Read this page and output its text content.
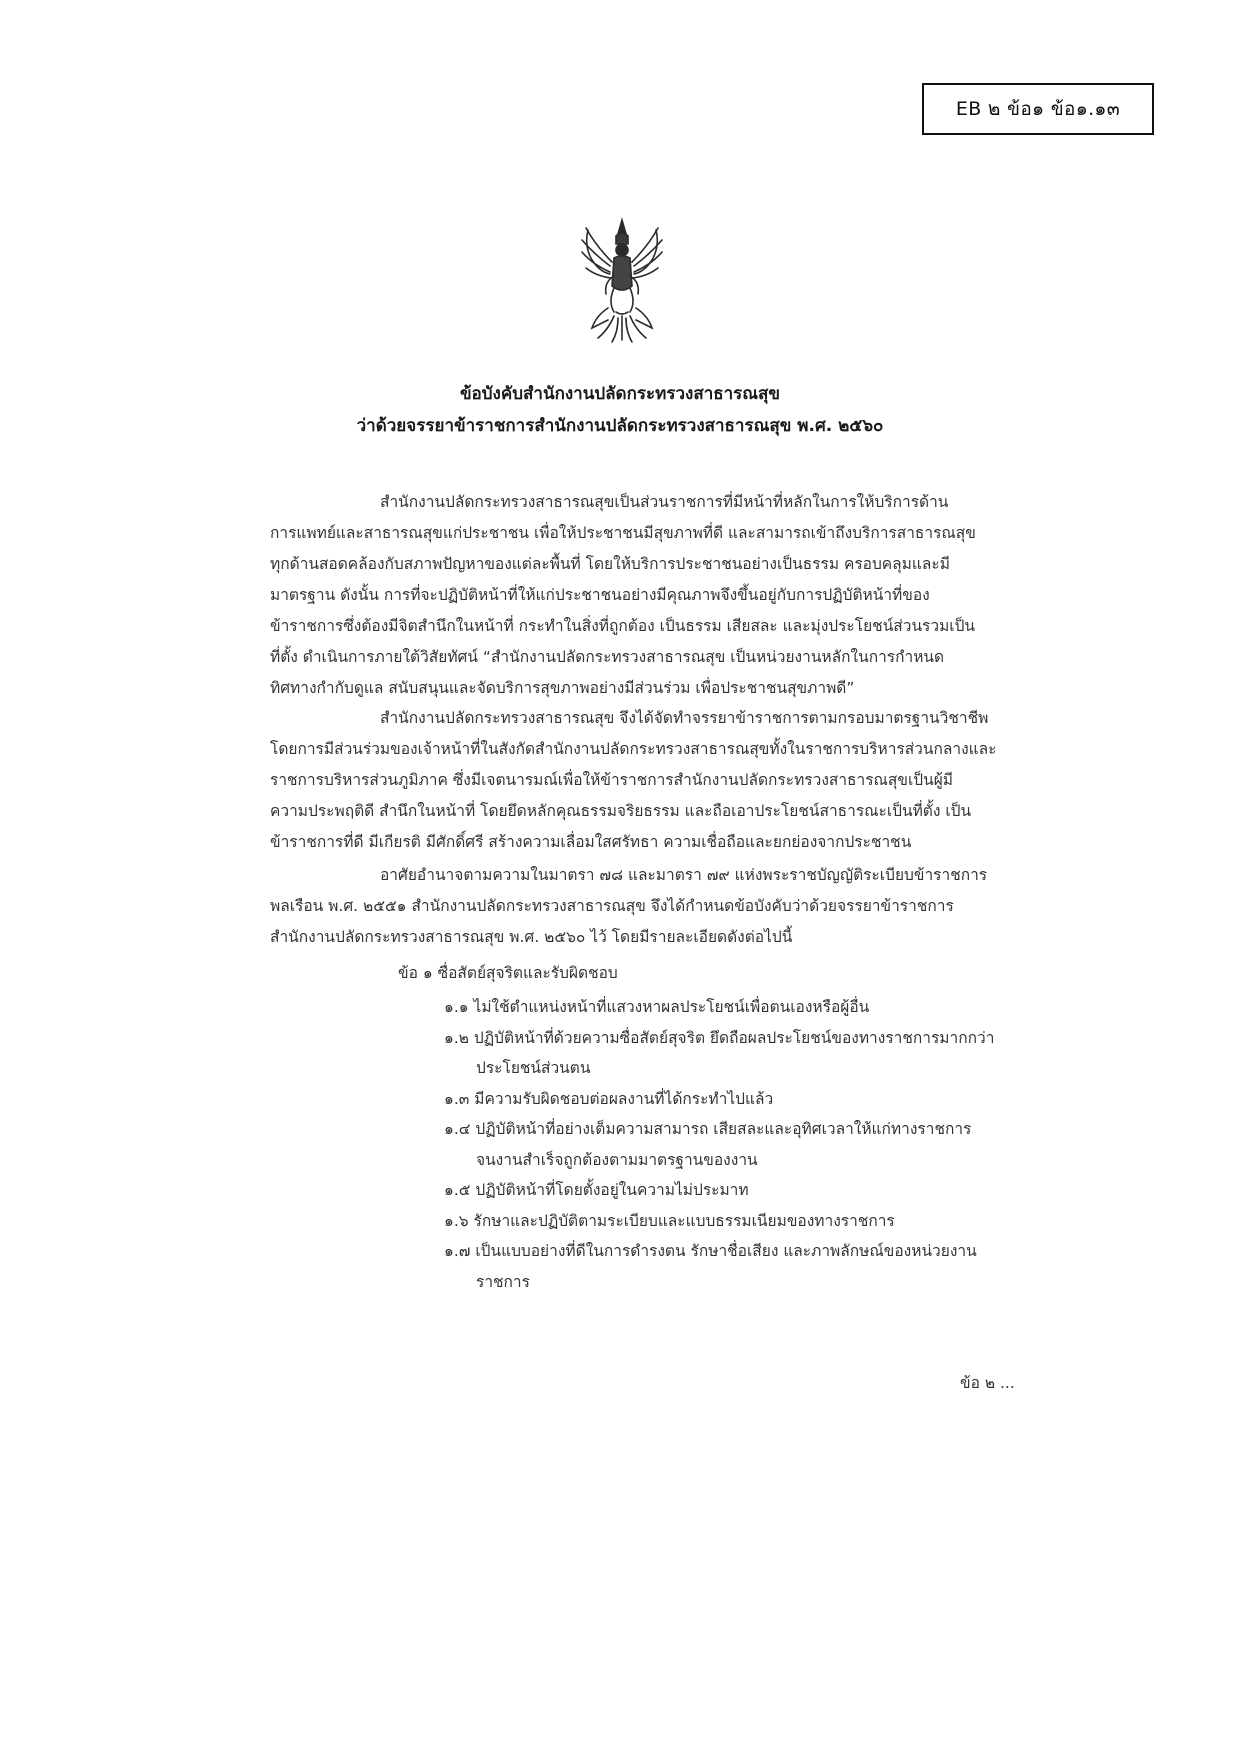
EB ๒ ข้อ๑ ข้อ๑.๑๓
ข้อบังคับสำนักงานปลัดกระทรวงสาธารณสุข
ว่าด้วยจรรยาข้าราชการสำนักงานปลัดกระทรวงสาธารณสุข พ.ศ. ๒๕๖๐
สำนักงานปลัดกระทรวงสาธารณสุขเป็นส่วนราชการที่มีหน้าที่หลักในการให้บริการด้าน
การแพทย์และสาธารณสุขแก่ประชาชน เพื่อให้ประชาชนมีสุขภาพที่ดี และสามารถเข้าถึงบริการสาธารณสุข
ทุกด้านสอดคล้องกับสภาพปัญหาของแต่ละพื้นที่ โดยให้บริการประชาชนอย่างเป็นธรรม ครอบคลุมและมี
มาตรฐาน ดังนั้น การที่จะปฏิบัติหน้าที่ให้แก่ประชาชนอย่างมีคุณภาพจึงขึ้นอยู่กับการปฏิบัติหน้าที่ของ
ข้าราชการซึ่งต้องมีจิตสำนึกในหน้าที่ กระทำในสิ่งที่ถูกต้อง เป็นธรรม เสียสละ และมุ่งประโยชน์ส่วนรวมเป็น
ที่ตั้ง ดำเนินการภายใต้วิสัยทัศน์ “สำนักงานปลัดกระทรวงสาธารณสุข เป็นหน่วยงานหลักในการกำหนด
ทิศทางกำกับดูแล สนับสนุนและจัดบริการสุขภาพอย่างมีส่วนร่วม เพื่อประชาชนสุขภาพดี”
สำนักงานปลัดกระทรวงสาธารณสุข จึงได้จัดทำจรรยาข้าราชการตามกรอบมาตรฐานวิชาชีพ
โดยการมีส่วนร่วมของเจ้าหน้าที่ในสังกัดสำนักงานปลัดกระทรวงสาธารณสุขทั้งในราชการบริหารส่วนกลางและ
ราชการบริหารส่วนภูมิภาค ซึ่งมีเจตนารมณ์เพื่อให้ข้าราชการสำนักงานปลัดกระทรวงสาธารณสุขเป็นผู้มี
ความประพฤติดี สำนึกในหน้าที่ โดยยึดหลักคุณธรรมจริยธรรม และถือเอาประโยชน์สาธารณะเป็นที่ตั้ง เป็น
ข้าราชการที่ดี มีเกียรติ มีศักดิ์ศรี สร้างความเลื่อมใสศรัทธา ความเชื่อถือและยกย่องจากประชาชน
อาศัยอำนาจตามความในมาตรา ๗๘ และมาตรา ๗๙ แห่งพระราชบัญญัติระเบียบข้าราชการ
พลเรือน พ.ศ. ๒๕๕๑ สำนักงานปลัดกระทรวงสาธารณสุข จึงได้กำหนดข้อบังคับว่าด้วยจรรยาข้าราชการ
สำนักงานปลัดกระทรวงสาธารณสุข พ.ศ. ๒๕๖๐ ไว้ โดยมีรายละเอียดดังต่อไปนี้
ข้อ ๑ ซื่อสัตย์สุจริตและรับผิดชอบ
๑.๑ ไม่ใช้ตำแหน่งหน้าที่แสวงหาผลประโยชน์เพื่อตนเองหรือผู้อื่น
๑.๒ ปฏิบัติหน้าที่ด้วยความซื่อสัตย์สุจริต ยึดถือผลประโยชน์ของทางราชการมากกว่า
ประโยชน์ส่วนตน
๑.๓ มีความรับผิดชอบต่อผลงานที่ได้กระทำไปแล้ว
๑.๔ ปฏิบัติหน้าที่อย่างเต็มความสามารถ เสียสละและอุทิศเวลาให้แก่ทางราชการ
จนงานสำเร็จถูกต้องตามมาตรฐานของงาน
๑.๕ ปฏิบัติหน้าที่โดยตั้งอยู่ในความไม่ประมาท
๑.๖ รักษาและปฏิบัติตามระเบียบและแบบธรรมเนียมของทางราชการ
๑.๗ เป็นแบบอย่างที่ดีในการดำรงตน รักษาชื่อเสียง และภาพลักษณ์ของหน่วยงาน
ราชการ
ข้อ ๒ ...
